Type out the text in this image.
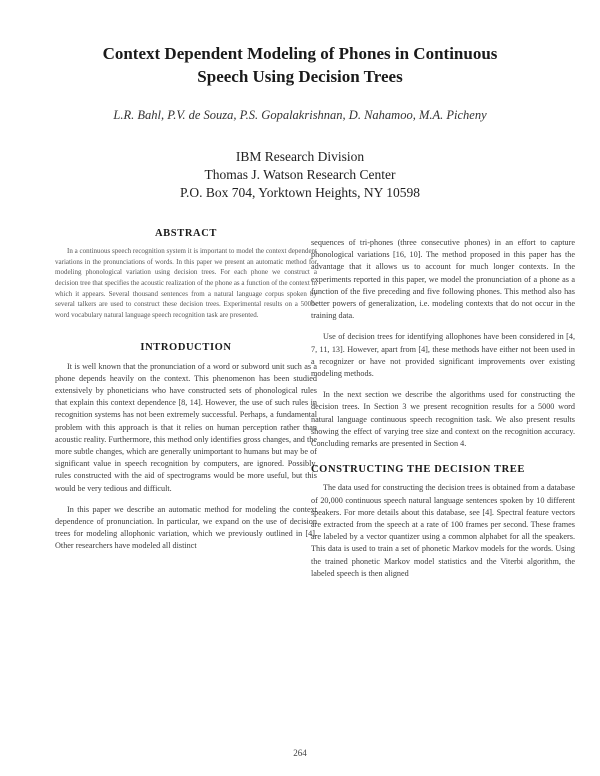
Context Dependent Modeling of Phones in Continuous
Speech Using Decision Trees
L.R. Bahl, P.V. de Souza, P.S. Gopalakrishnan, D. Nahamoo, M.A. Picheny
IBM Research Division
Thomas J. Watson Research Center
P.O. Box 704, Yorktown Heights, NY 10598
ABSTRACT

In a continuous speech recognition system it is important to model the context dependent variations in the pronunciations of words. In this paper we present an automatic method for modeling phonological variation using decision trees. For each phone we construct a decision tree that specifies the acoustic realization of the phone as a function of the context in which it appears. Several thousand sentences from a natural language corpus spoken by several talkers are used to construct these decision trees. Experimental results on a 5000-word vocabulary natural language speech recognition task are presented.

INTRODUCTION

It is well known that the pronunciation of a word or subword unit such as a phone depends heavily on the context. This phenomenon has been studied extensively by phoneticians who have constructed sets of phonological rules that explain this context dependence [8, 14]. However, the use of such rules in recognition systems has not been extremely successful. Perhaps, a fundamental problem with this approach is that it relies on human perception rather than acoustic reality. Furthermore, this method only identifies gross changes, and the more subtle changes, which are generally unimportant to humans but may be of significant value in speech recognition by computers, are ignored. Possibly, rules constructed with the aid of spectrograms would be more useful, but this would be very tedious and difficult.

In this paper we describe an automatic method for modeling the context dependence of pronunciation. In particular, we expand on the use of decision trees for modeling allophonic variation, which we previously outlined in [4]. Other researchers have modeled all distinct

sequences of tri-phones (three consecutive phones) in an effort to capture phonological variations [16, 10]. The method proposed in this paper has the advantage that it allows us to account for much longer contexts. In the experiments reported in this paper, we model the pronunciation of a phone as a function of the five preceding and five following phones. This method also has better powers of generalization, i.e. modeling contexts that do not occur in the training data.

Use of decision trees for identifying allophones have been considered in [4, 7, 11, 13]. However, apart from [4], these methods have either not been used in a recognizer or have not provided significant improvements over existing modeling methods.

In the next section we describe the algorithms used for constructing the decision trees. In Section 3 we present recognition results for a 5000 word natural language continuous speech recognition task. We also present results showing the effect of varying tree size and context on the recognition accuracy. Concluding remarks are presented in Section 4.

CONSTRUCTING THE DECISION TREE

The data used for constructing the decision trees is obtained from a database of 20,000 continuous speech natural language sentences spoken by 10 different speakers. For more details about this database, see [4]. Spectral feature vectors are extracted from the speech at a rate of 100 frames per second. These frames are labeled by a vector quantizer using a common alphabet for all the speakers. This data is used to train a set of phonetic Markov models for the words. Using the trained phonetic Markov model statistics and the Viterbi algorithm, the labeled speech is then aligned

264
